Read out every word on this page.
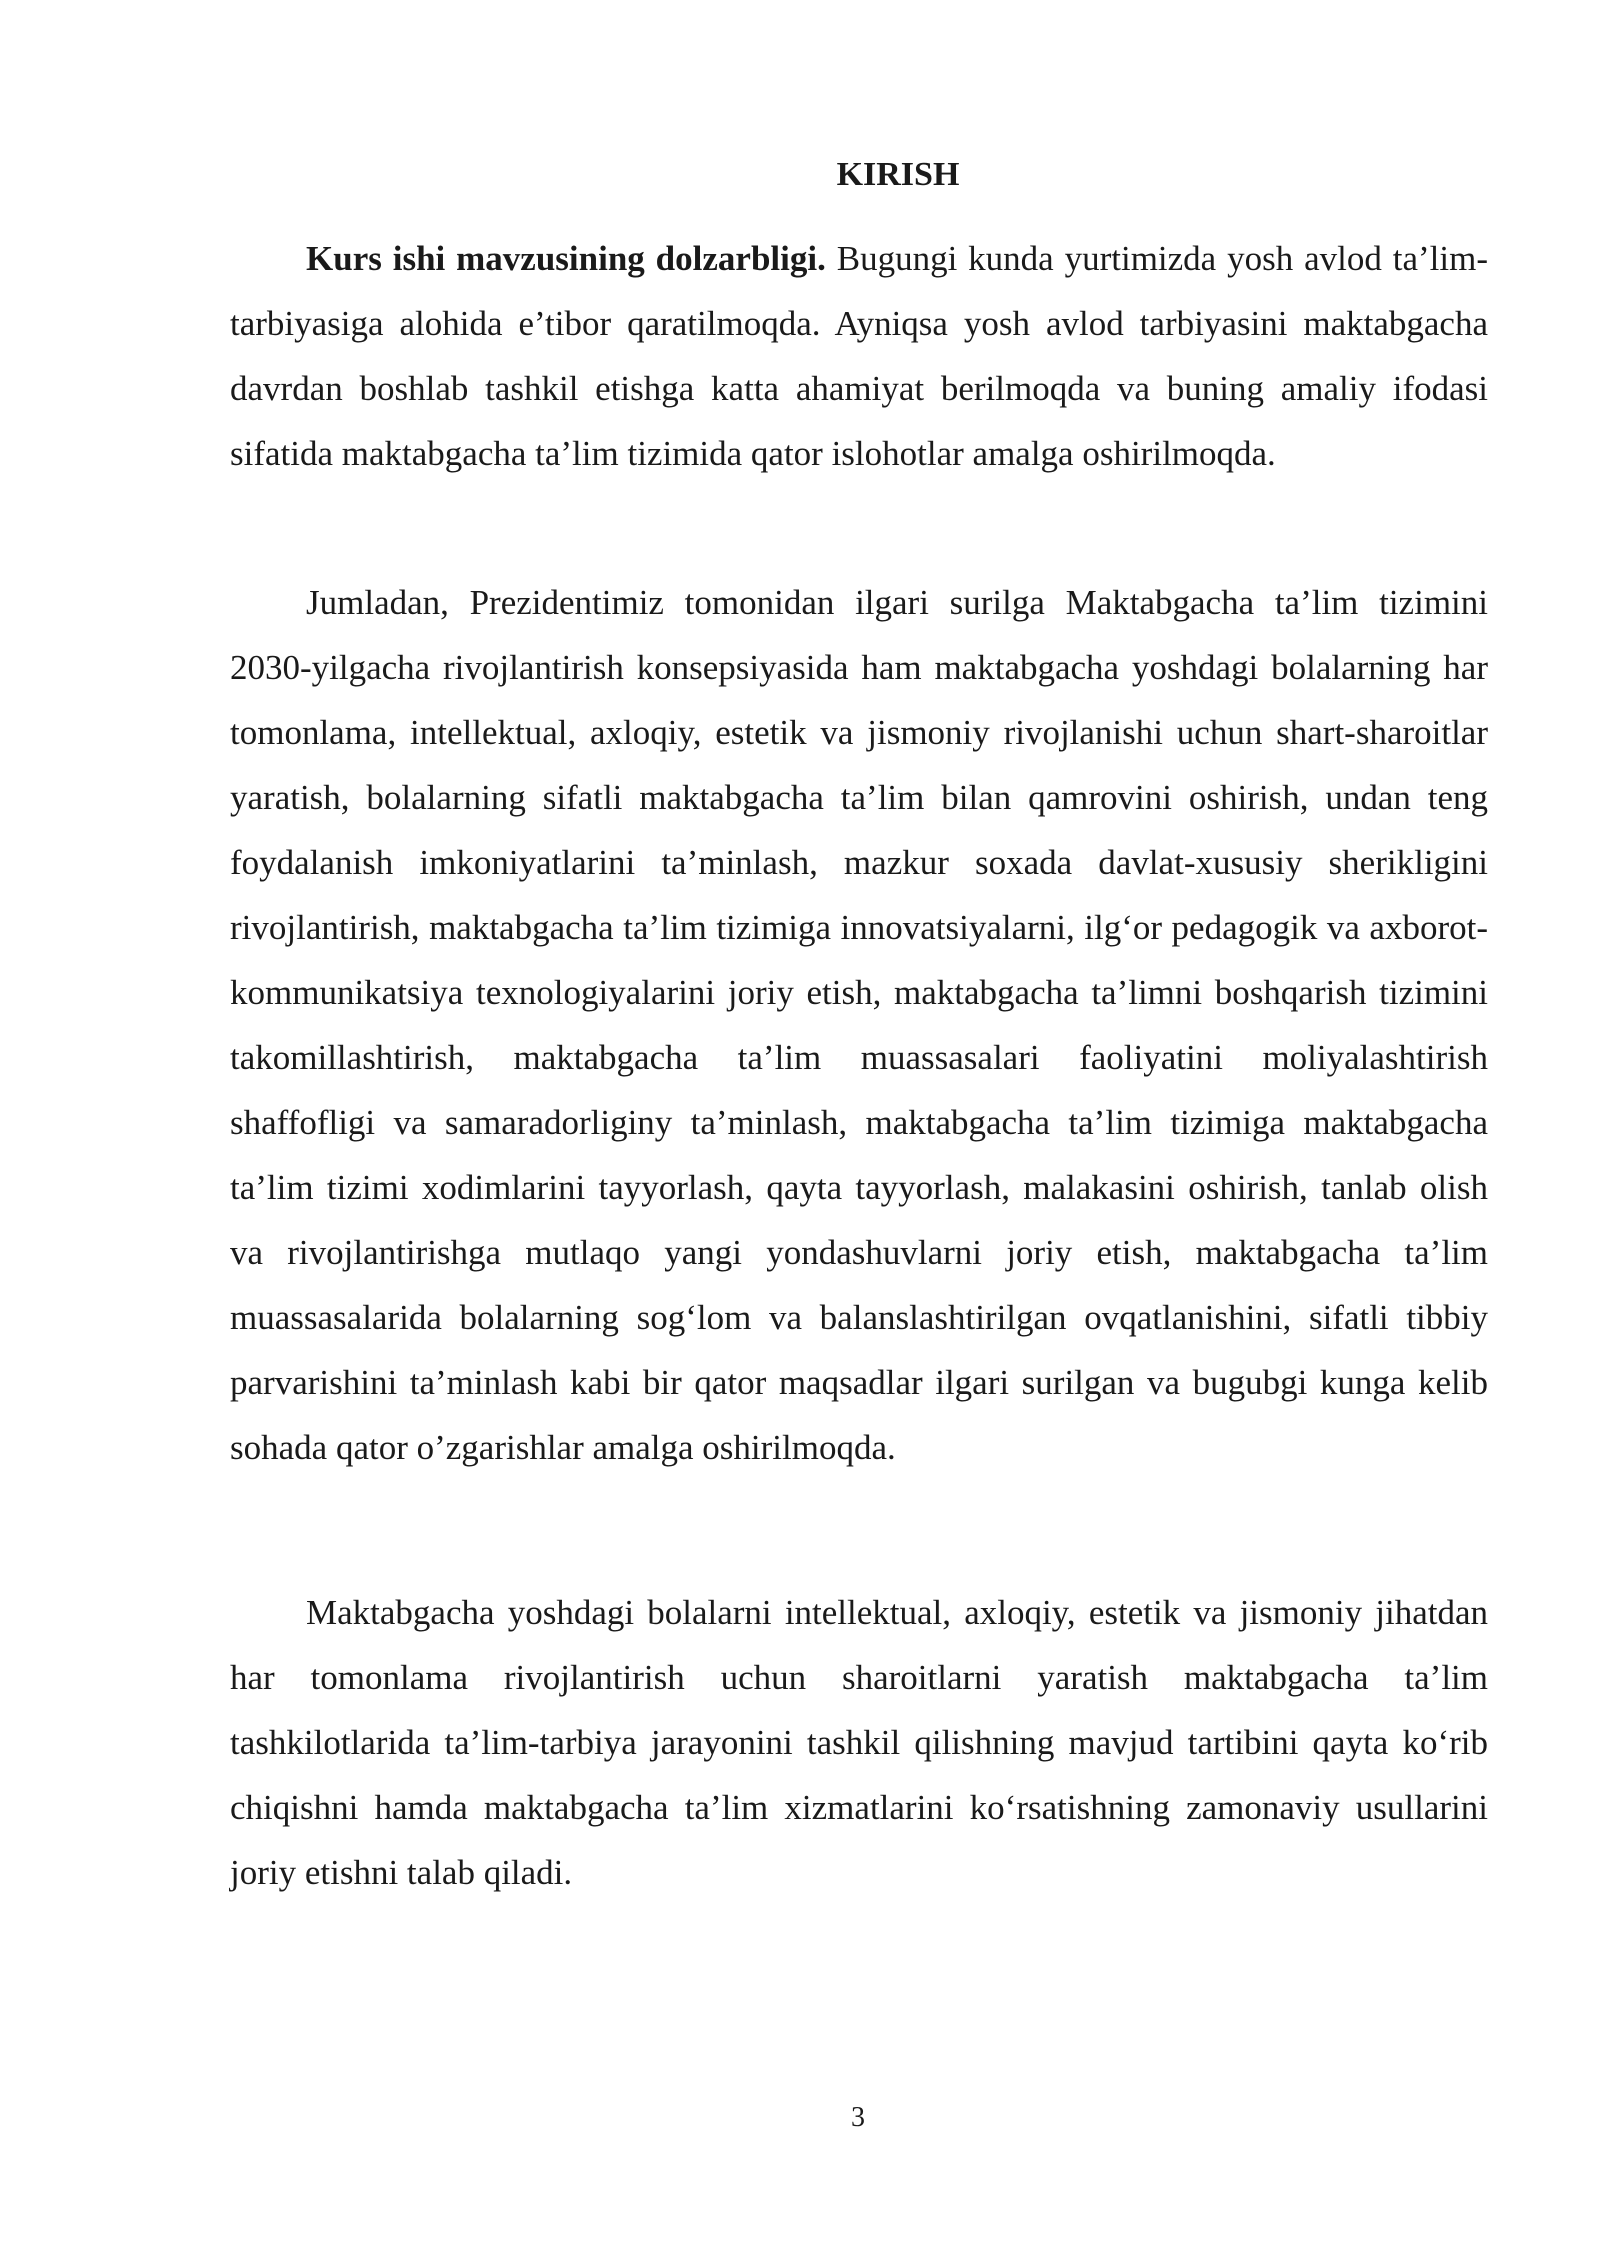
KIRISH

Kurs ishi mavzusining dolzarbligi. Bugungi kunda yurtimizda yosh avlod ta’lim-tarbiyasiga alohida e’tibor qaratilmoqda. Ayniqsa yosh avlod tarbiyasini maktabgacha davrdan boshlab tashkil etishga katta ahamiyat berilmoqda va buning amaliy ifodasi sifatida maktabgacha ta’lim tizimida qator islohotlar amalga oshirilmoqda.

Jumladan, Prezidentimiz tomonidan ilgari surilga Maktabgacha ta’lim tizimini 2030-yilgacha rivojlantirish konsepsiyasida ham maktabgacha yoshdagi bolalarning har tomonlama, intellektual, axloqiy, estetik va jismoniy rivojlanishi uchun shart-sharoitlar yaratish, bolalarning sifatli maktabgacha ta’lim bilan qamrovini oshirish, undan teng foydalanish imkoniyatlarini ta’minlash, mazkur soxada davlat-xususiy sherikligini rivojlantirish, maktabgacha ta’lim tizimiga innovatsiyalarni, ilg‘or pedagogik va axborot-kommunikatsiya texnologiyalarini joriy etish, maktabgacha ta’limni boshqarish tizimini takomillashtirish, maktabgacha ta’lim muassasalari faoliyatini moliyalashtirish shaffofligi va samaradorliginy ta’minlash, maktabgacha ta’lim tizimiga maktabgacha ta’lim tizimi xodimlarini tayyorlash, qayta tayyorlash, malakasini oshirish, tanlab olish va rivojlantirishga mutlaqo yangi yondashuvlarni joriy etish, maktabgacha ta’lim muassasalarida bolalarning sog‘lom va balanslashtirilgan ovqatlanishini, sifatli tibbiy parvarishini ta’minlash kabi bir qator maqsadlar ilgari surilgan va bugubgi kunga kelib sohada qator o’zgarishlar amalga oshirilmoqda.

Maktabgacha yoshdagi bolalarni intellektual, axloqiy, estetik va jismoniy jihatdan har tomonlama rivojlantirish uchun sharoitlarni yaratish maktabgacha ta’lim tashkilotlarida ta’lim-tarbiya jarayonini tashkil qilishning mavjud tartibini qayta ko‘rib chiqishni hamda maktabgacha ta’lim xizmatlarini ko‘rsatishning zamonaviy usullarini joriy etishni talab qiladi.

3
